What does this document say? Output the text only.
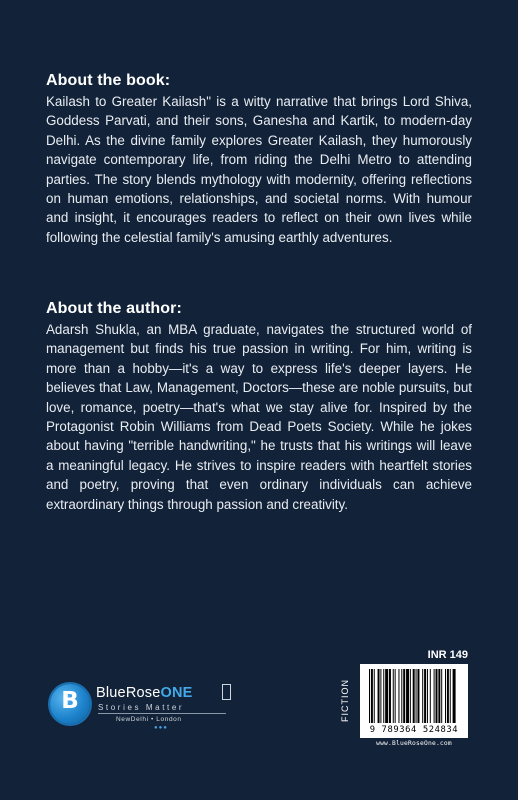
About the book:

Kailash to Greater Kailash" is a witty narrative that brings Lord Shiva, Goddess Parvati, and their sons, Ganesha and Kartik, to modern-day Delhi. As the divine family explores Greater Kailash, they humorously navigate contemporary life, from riding the Delhi Metro to attending parties. The story blends mythology with modernity, offering reflections on human emotions, relationships, and societal norms. With humour and insight, it encourages readers to reflect on their own lives while following the celestial family's amusing earthly adventures.

About the author:

Adarsh Shukla, an MBA graduate, navigates the structured world of management but finds his true passion in writing. For him, writing is more than a hobby—it's a way to express life's deeper layers. He believes that Law, Management, Doctors—these are noble pursuits, but love, romance, poetry—that's what we stay alive for. Inspired by the Protagonist Robin Williams from Dead Poets Society. While he jokes about having "terrible handwriting," he trusts that his writings will leave a meaningful legacy. He strives to inspire readers with heartfelt stories and poetry, proving that even ordinary individuals can achieve extraordinary things through passion and creativity.

B	BlueRoseONE
Stories Matter
NewDelhi • London
●●●
INR 149
FICTION
9 789364 524834
www.BlueRoseOne.com
